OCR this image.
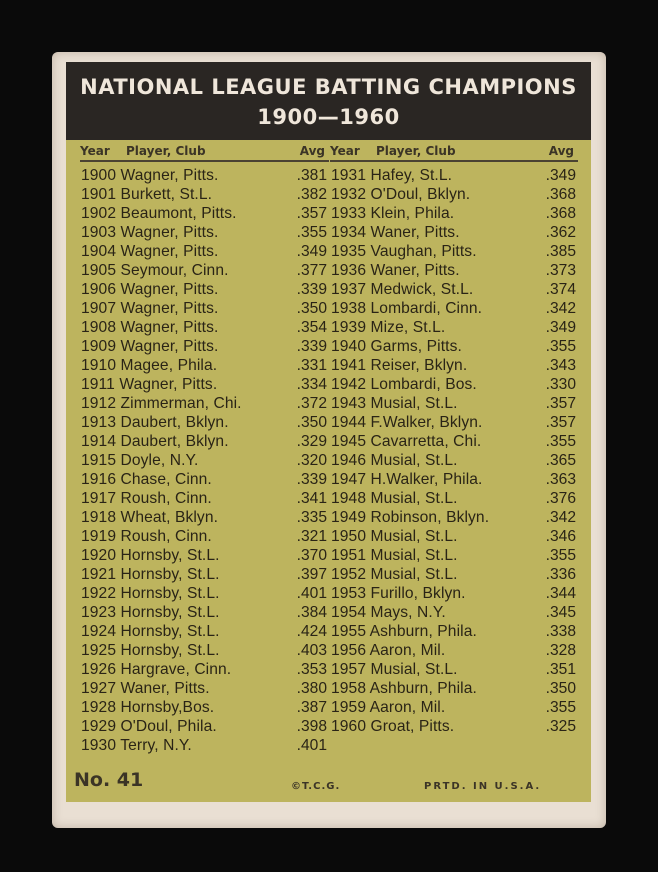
NATIONAL LEAGUE BATTING CHAMPIONS
1900—1960
Year Player, Club	Avg Year Player, Club	Avg
1900 Wagner, Pitts.	.381
1901 Burkett, St.L.	.382
1902 Beaumont, Pitts.	.357
1903 Wagner, Pitts.	.355
1904 Wagner, Pitts.	.349
1905 Seymour, Cinn.	.377
1906 Wagner, Pitts.	.339
1907 Wagner, Pitts.	.350
1908 Wagner, Pitts.	.354
1909 Wagner, Pitts.	.339
1910 Magee, Phila.	.331
1911 Wagner, Pitts.	.334
1912 Zimmerman, Chi.	.372
1913 Daubert, Bklyn.	.350
1914 Daubert, Bklyn.	.329
1915 Doyle, N.Y.	.320
1916 Chase, Cinn.	.339
1917 Roush, Cinn.	.341
1918 Wheat, Bklyn.	.335
1919 Roush, Cinn.	.321
1920 Hornsby, St.L.	.370
1921 Hornsby, St.L.	.397
1922 Hornsby, St.L.	.401
1923 Hornsby, St.L.	.384
1924 Hornsby, St.L.	.424
1925 Hornsby, St.L.	.403
1926 Hargrave, Cinn.	.353
1927 Waner, Pitts.	.380
1928 Hornsby,Bos.	.387
1929 O'Doul, Phila.	.398
1930 Terry, N.Y.	.401
1931 Hafey, St.L.	.349
1932 O'Doul, Bklyn.	.368
1933 Klein, Phila.	.368
1934 Waner, Pitts.	.362
1935 Vaughan, Pitts.	.385
1936 Waner, Pitts.	.373
1937 Medwick, St.L.	.374
1938 Lombardi, Cinn.	.342
1939 Mize, St.L.	.349
1940 Garms, Pitts.	.355
1941 Reiser, Bklyn.	.343
1942 Lombardi, Bos.	.330
1943 Musial, St.L.	.357
1944 F.Walker, Bklyn.	.357
1945 Cavarretta, Chi.	.355
1946 Musial, St.L.	.365
1947 H.Walker, Phila.	.363
1948 Musial, St.L.	.376
1949 Robinson, Bklyn.	.342
1950 Musial, St.L.	.346
1951 Musial, St.L.	.355
1952 Musial, St.L.	.336
1953 Furillo, Bklyn.	.344
1954 Mays, N.Y.	.345
1955 Ashburn, Phila.	.338
1956 Aaron, Mil.	.328
1957 Musial, St.L.	.351
1958 Ashburn, Phila.	.350
1959 Aaron, Mil.	.355
1960 Groat, Pitts.	.325
No. 41	©T.C.G.	PRTD. IN U.S.A.
